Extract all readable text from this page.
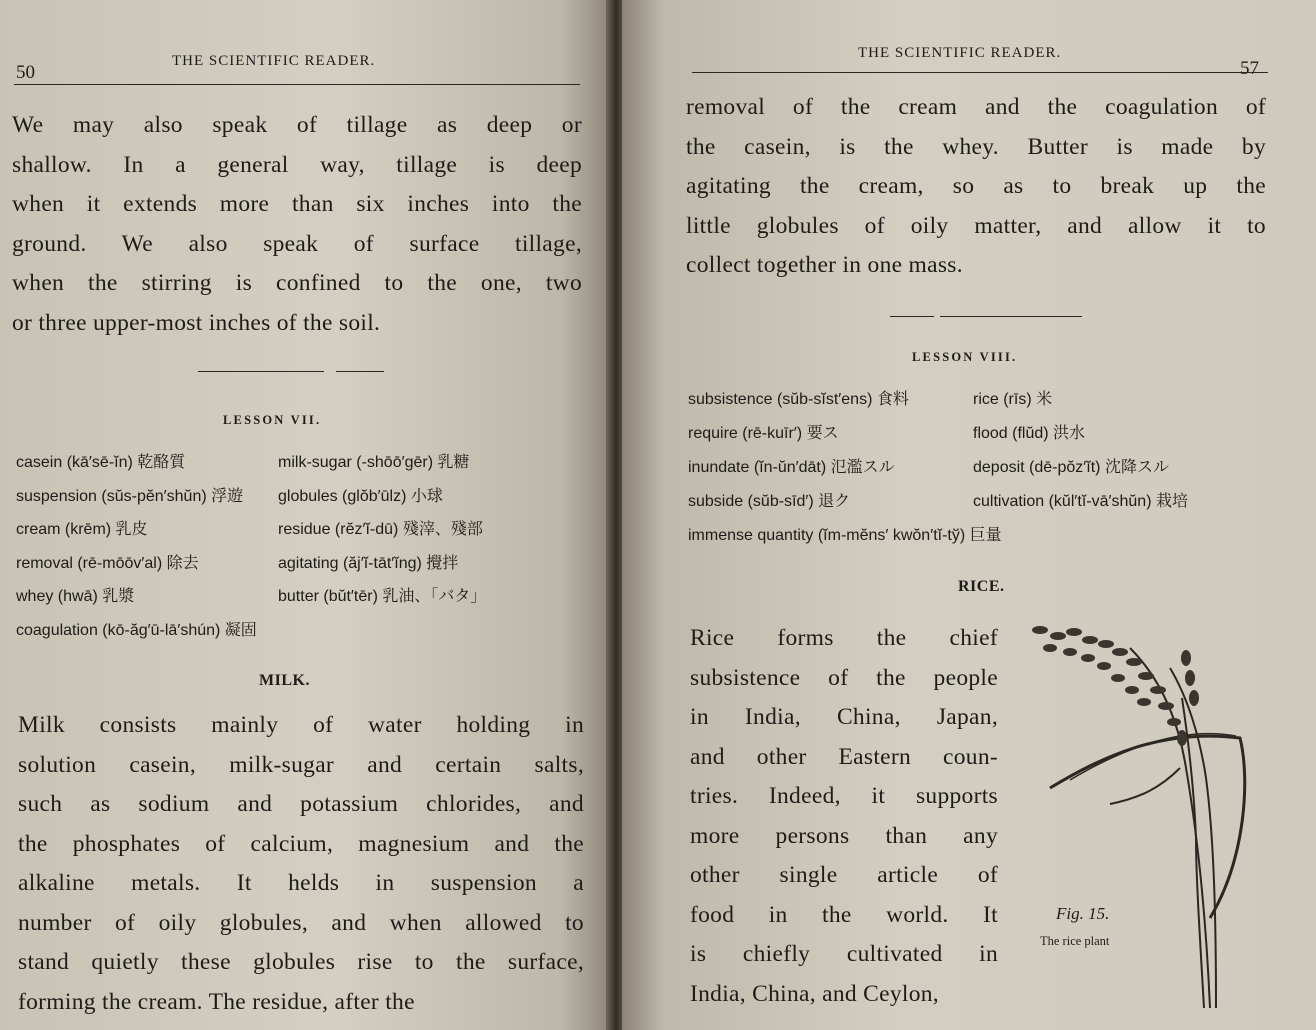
50
THE SCIENTIFIC READER.
We may also speak of tillage as deep or
shallow. In a general way, tillage is deep
when it extends more than six inches into the
ground. We also speak of surface tillage,
when the stirring is confined to the one, two
or three upper-most inches of the soil.
LESSON VII.
casein (kā′sē-ĭn) 乾酪質
suspension (sŭs-pĕn′shŭn) 浮遊
cream (krēm) 乳皮
removal (rē-mōōv′al) 除去
whey (hwā) 乳漿
coagulation (kō-ăg′ū-lā′shún) 凝固
milk-sugar (-shōō′gēr) 乳糖
globules (glŏb′ūlz) 小球
residue (rĕz′ĭ-dū) 殘滓、殘部
agitating (ăj′ĭ-tāt′ĭng) 攪拌
butter (bŭt′tēr) 乳油、「バタ」
MILK.
Milk consists mainly of water holding in
solution casein, milk-sugar and certain salts,
such as sodium and potassium chlorides, and
the phosphates of calcium, magnesium and the
alkaline metals. It helds in suspension a
number of oily globules, and when allowed to
stand quietly these globules rise to the surface,
forming the cream. The residue, after the
THE SCIENTIFIC READER.
57
removal of the cream and the coagulation of
the casein, is the whey. Butter is made by
agitating the cream, so as to break up the
little globules of oily matter, and allow it to
collect together in one mass.
LESSON VIII.
subsistence (sŭb-sĭst′ens) 食料
require (rē-kuīr′) 要ス
inundate (ĭn-ŭn′dāt) 氾濫スル
subside (sŭb-sīd′) 退ク
immense quantity (ĭm-mĕns′ kwŏn′tĭ-tў) 巨量
rice (rīs) 米
flood (flŭd) 洪水
deposit (dē-pŏz′ĭt) 沈降スル
cultivation (kŭl′tĭ-vā′shŭn) 栽培
RICE.
Rice forms the chief
subsistence of the people
in India, China, Japan,
and other Eastern coun-
tries. Indeed, it supports
more persons than any
other single article of
food in the world. It
is chiefly cultivated in
India, China, and Ceylon,
Fig. 15.
The rice plant
